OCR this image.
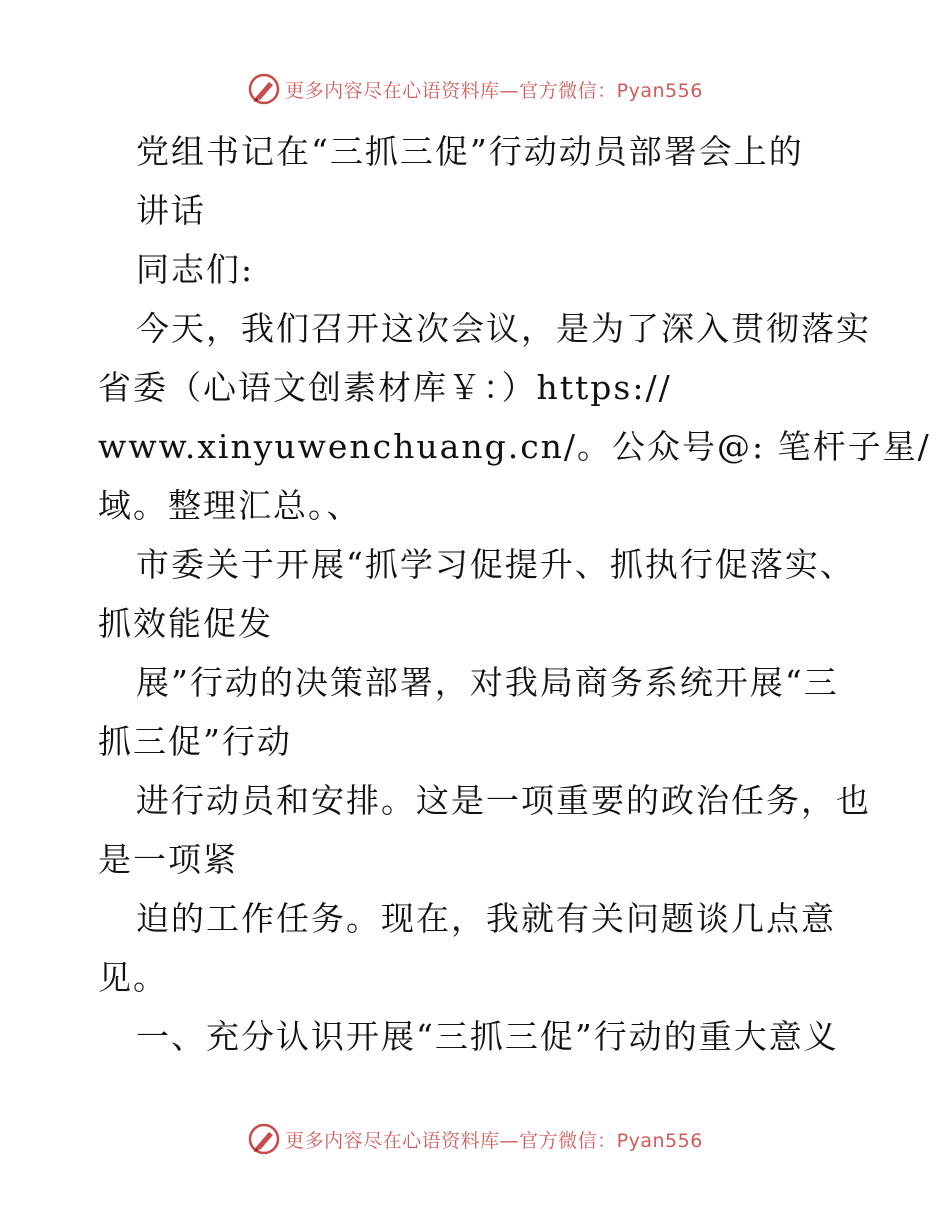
更多内容尽在心语资料库—官方微信：Pyan556
党组书记在“三抓三促”行动动员部署会上的
讲话
同志们:
今天，我们召开这次会议，是为了深入贯彻落实
省委（心语文创素材库￥：）https://
www.xinyuwenchuang.cn/。公众号@: 笔杆子星/
域。整理汇总。、
市委关于开展“抓学习促提升、抓执行促落实、
抓效能促发
展”行动的决策部署，对我局商务系统开展“三
抓三促”行动
进行动员和安排。这是一项重要的政治任务，也
是一项紧
迫的工作任务。现在，我就有关问题谈几点意
见。
一、充分认识开展“三抓三促”行动的重大意义
更多内容尽在心语资料库—官方微信：Pyan556
